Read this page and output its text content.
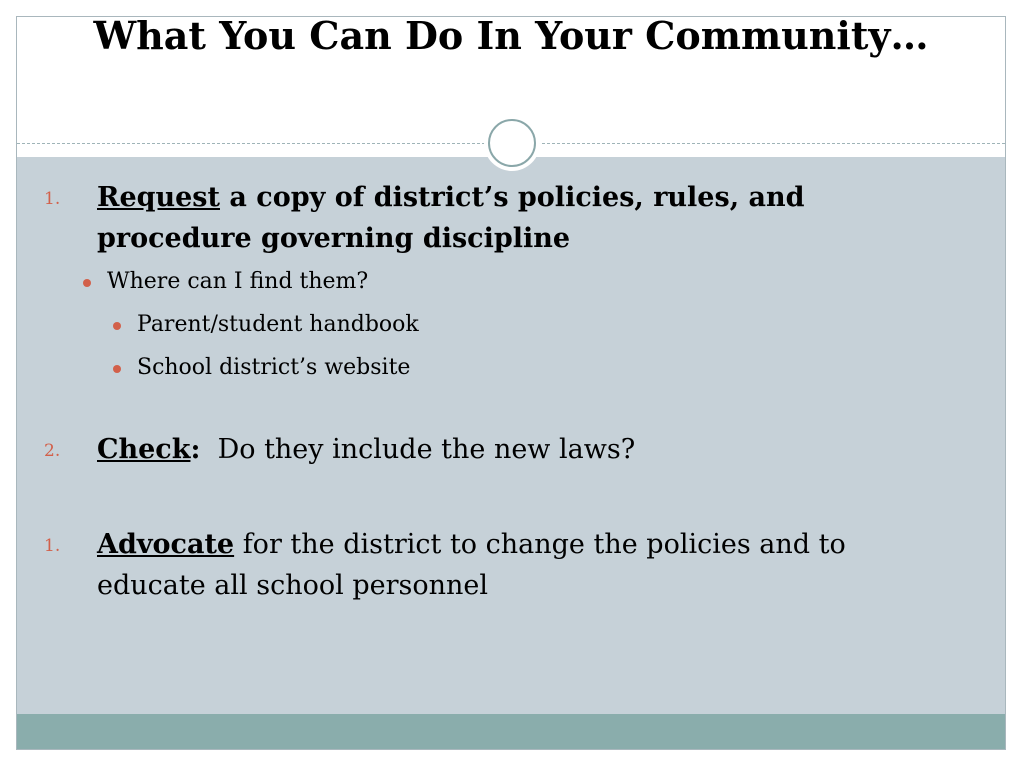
What You Can Do In Your Community…
1. Request a copy of district’s policies, rules, and procedure governing discipline
Where can I find them?
Parent/student handbook
School district’s website
2. Check:  Do they include the new laws?
1. Advocate for the district to change the policies and to educate all school personnel
